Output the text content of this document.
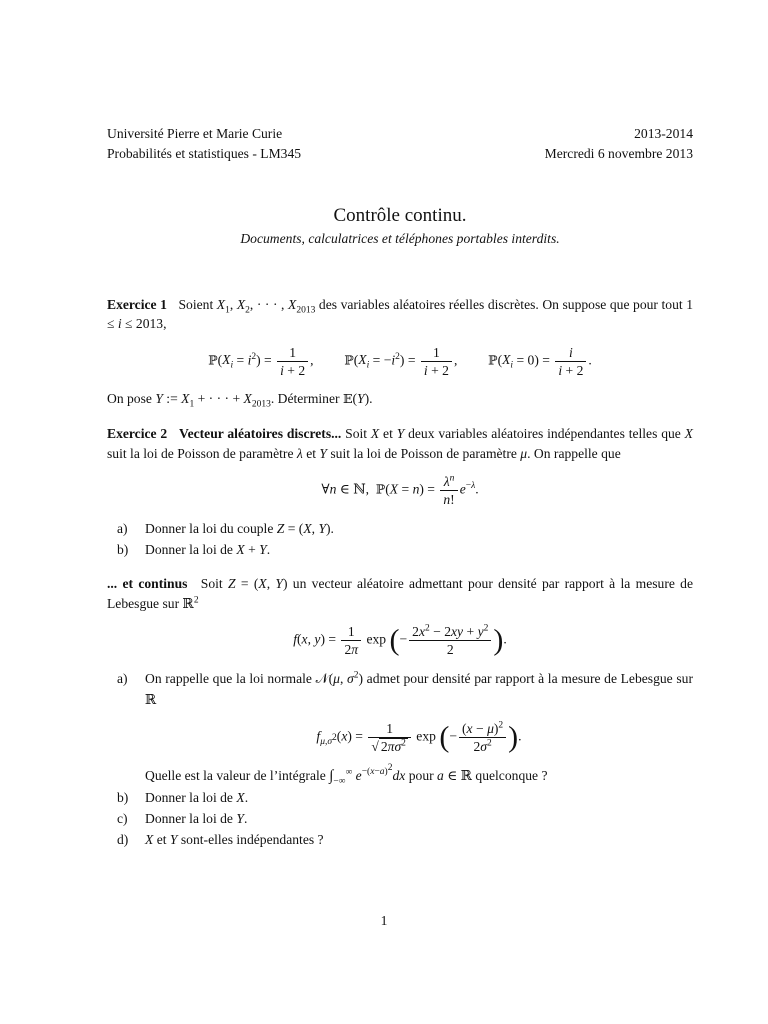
Université Pierre et Marie Curie
Probabilités et statistiques - LM345
2013-2014
Mercredi 6 novembre 2013
Contrôle continu.
Documents, calculatrices et téléphones portables interdits.
Exercice 1 Soient $X_1$, $X_2$, · · · , $X_{2013}$ des variables aléatoires réelles discrètes. On suppose que pour tout 1 ≤ i ≤ 2013,
$ℙ(X_i = i^2) = \frac{1}{i + 2}$ ,  $ℙ(X_i = -i^2) = \frac{1}{i + 2}$ ,  $ℙ(X_i = 0) = \frac{i}{i + 2}$ .
On pose Y := $X_1$ + · · · + $X_{2013}$. Déterminer 𝔼(Y).
Exercice 2 Vecteur aléatoires discrets... Soit X et Y deux variables aléatoires indépendantes telles que X suit la loi de Poisson de paramètre λ et Y suit la loi de Poisson de paramètre μ. On rappelle que
∀n ∈ ℕ,  ℙ(X = $n) = \frac{\lambda^n}{n!} e^{-\lambda}$.
a)	Donner la loi du couple Z = (X, Y).
b)	Donner la loi de X + Y.
... et continus Soit Z = (X, Y) un vecteur aléatoire admettant pour densité par rapport à la mesure de Lebesgue sur ℝ$^2$
f(x, $y) = \frac{1}{2\pi}$ exp (− $\frac{2x^2 - 2xy + y^2}{2}$ ).
a)	On rappelle que la loi normale 𝒩(μ, $\sigma^2$) admet pour densité par rapport à la mesure de Lebesgue sur ℝ
$f_{\mu,\sigma^2}(x) = \frac{1}{√ 2\pi\sigma^2}$ exp (− $\frac{(x - \mu)^2}{2\sigma^2}$ ).
Quelle est la valeur de l’intégrale $\int_{-\infty}^\infty$ $e^{-(x-a)^2}dx$ pour a ∈ ℝ quelconque ?
b)	Donner la loi de X.
c)	Donner la loi de Y.
d)	X et Y sont-elles indépendantes ?
1
